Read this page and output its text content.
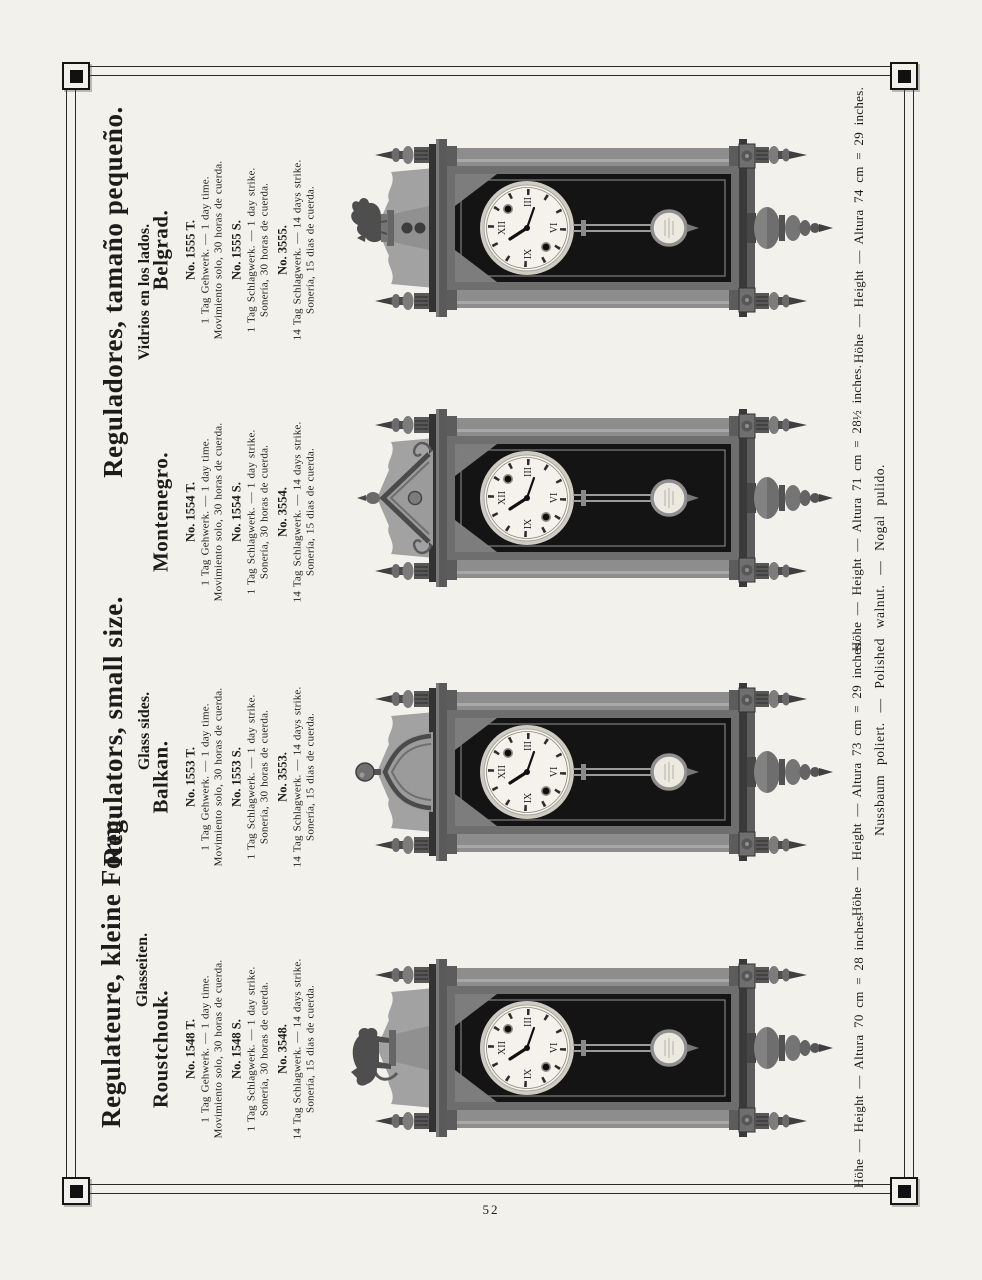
Regulateure, kleine Form. Glasseiten.
Regulators, small size. Glass sides.
Reguladores, tamaño pequeño. Vidrios en los lados.
Belgrad. No. 1555 T. 1 Tag Gehwerk. — 1 day time. Movimiento solo, 30 horas de cuerda. No. 1555 S. 1 Tag Schlagwerk. — 1 day strike. Sonería, 30 horas de cuerda. No. 3555. 14 Tag Schlagwerk. — 14 days strike. Sonería, 15 dias de cuerda.

Montenegro. No. 1554 T. 1 Tag Gehwerk. — 1 day time. Movimiento solo, 30 horas de cuerda. No. 1554 S. 1 Tag Schlagwerk. — 1 day strike. Sonería, 30 horas de cuerda. No. 3554. 14 Tag Schlagwerk. — 14 days strike. Sonería, 15 dias de cuerda.

Balkan. No. 1553 T. 1 Tag Gehwerk. — 1 day time. Movimiento solo, 30 horas de cuerda. No. 1553 S. 1 Tag Schlagwerk. — 1 day strike. Sonería, 30 horas de cuerda. No. 3553. 14 Tag Schlagwerk. — 14 days strike. Sonería, 15 dias de cuerda.

Roustchouk. No. 1548 T. 1 Tag Gehwerk. — 1 day time. Movimiento solo, 30 horas de cuerda. No. 1548 S. 1 Tag Schlagwerk. — 1 day strike. Sonería, 30 horas de cuerda. No. 3548. 14 Tag Schlagwerk. — 14 days strike. Sonería, 15 dias de cuerda.

Höhe — Height — Altura 74 cm = 29 inches.
Höhe — Height — Altura 71 cm = 28½ inches.
Höhe — Height — Altura 73 cm = 29 inches.
Höhe — Height — Altura 70 cm = 28 inches.
Nussbaum poliert. — Polished walnut. — Nogal pulido.
52
